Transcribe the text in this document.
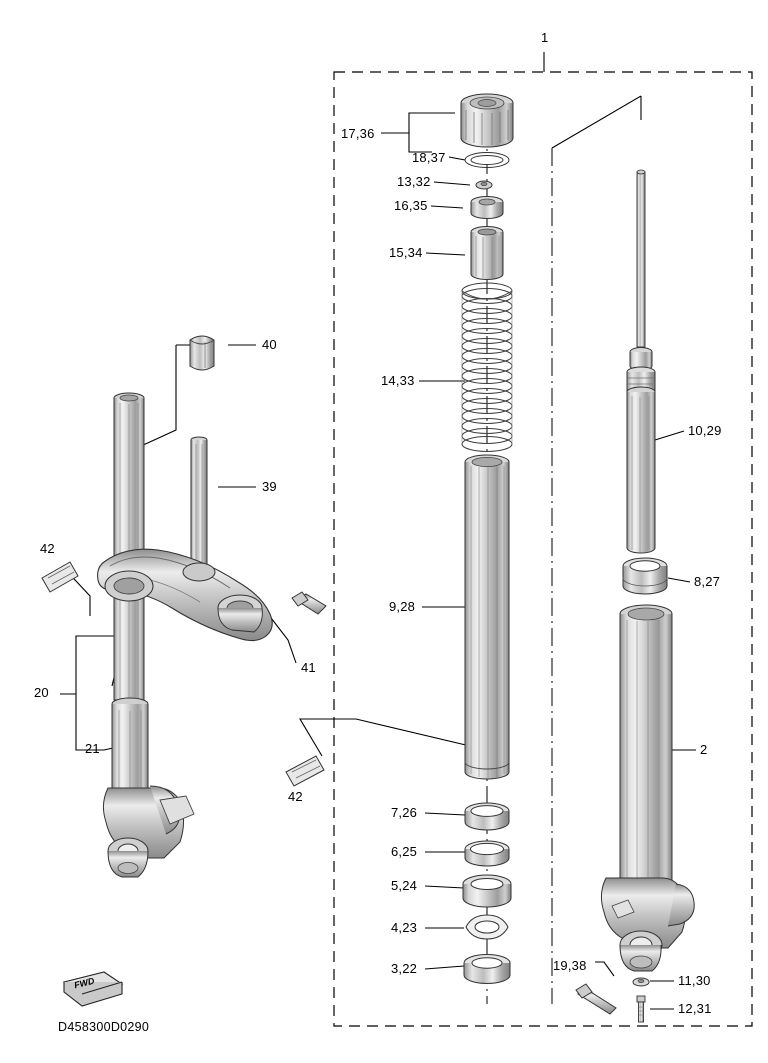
1
17,36
18,37
13,32
16,35
15,34
14,33
9,28
7,26
6,25
5,24
4,23
3,22
10,29
8,27
2
19,38
11,30
12,31
40
39
42
41
20
21
42
FWD
D458300D0290
